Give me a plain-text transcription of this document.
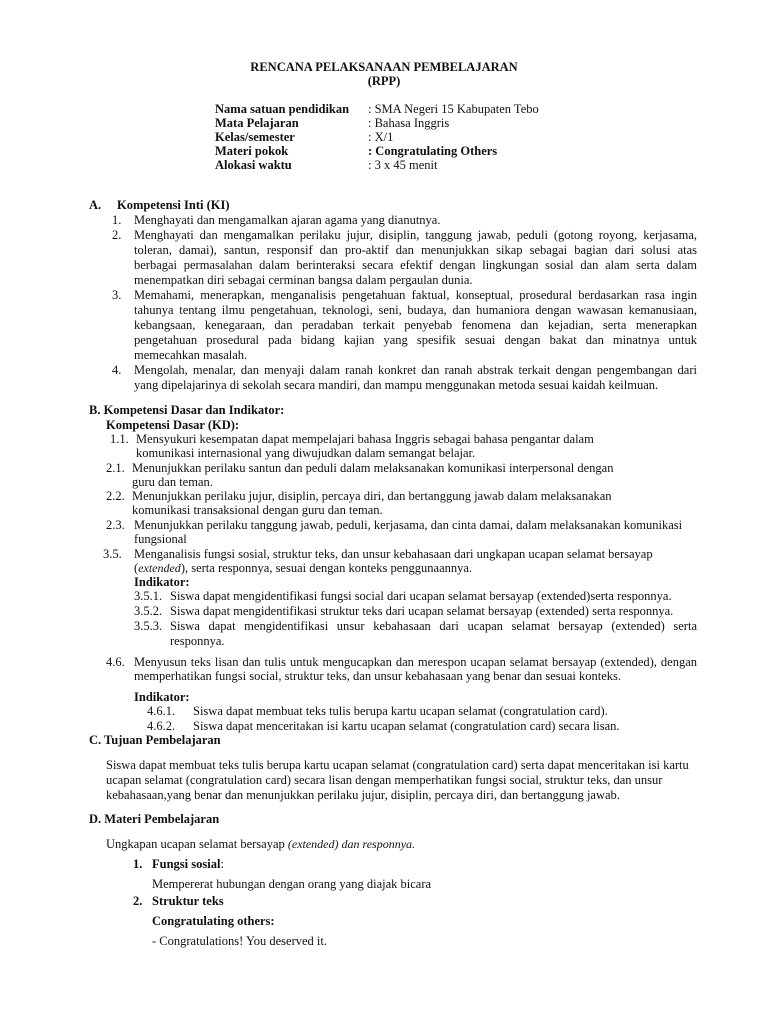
RENCANA PELAKSANAAN PEMBELAJARAN
(RPP)
Nama satuan pendidikan : SMA Negeri 15 Kabupaten Tebo
Mata Pelajaran	: Bahasa Inggris
Kelas/semester	: X/1
Materi pokok	: Congratulating Others
Alokasi waktu	: 3 x 45 menit
A. Kompetensi Inti (KI)
1. Menghayati dan mengamalkan ajaran agama yang dianutnya.
2. Menghayati dan mengamalkan perilaku jujur, disiplin, tanggung jawab, peduli (gotong royong, kerjasama,
toleran, damai), santun, responsif dan pro-aktif dan menunjukkan sikap sebagai bagian dari solusi atas
berbagai permasalahan dalam berinteraksi secara efektif dengan lingkungan sosial dan alam serta dalam
menempatkan diri sebagai cerminan bangsa dalam pergaulan dunia.
3. Memahami, menerapkan, menganalisis pengetahuan faktual, konseptual, prosedural berdasarkan rasa ingin
tahunya tentang ilmu pengetahuan, teknologi, seni, budaya, dan humaniora dengan wawasan kemanusiaan,
kebangsaan, kenegaraan, dan peradaban terkait penyebab fenomena dan kejadian, serta menerapkan
pengetahuan prosedural pada bidang kajian yang spesifik sesuai dengan bakat dan minatnya untuk
memecahkan masalah.
4. Mengolah, menalar, dan menyaji dalam ranah konkret dan ranah abstrak terkait dengan pengembangan dari
yang dipelajarinya di sekolah secara mandiri, dan mampu menggunakan metoda sesuai kaidah keilmuan.
B. Kompetensi Dasar dan Indikator:
Kompetensi Dasar (KD):
1.1. Mensyukuri kesempatan dapat mempelajari bahasa Inggris sebagai bahasa pengantar dalam
komunikasi internasional yang diwujudkan dalam semangat belajar.
2.1. Menunjukkan perilaku santun dan peduli dalam melaksanakan komunikasi interpersonal dengan
guru dan teman.
2.2. Menunjukkan perilaku jujur, disiplin, percaya diri, dan bertanggung jawab dalam melaksanakan
komunikasi transaksional dengan guru dan teman.
2.3. Menunjukkan perilaku tanggung jawab, peduli, kerjasama, dan cinta damai, dalam melaksanakan komunikasi
fungsional
3.5. Menganalisis fungsi sosial, struktur teks, dan unsur kebahasaan dari ungkapan ucapan selamat bersayap
(extended), serta responnya, sesuai dengan konteks penggunaannya.
Indikator:
3.5.1. Siswa dapat mengidentifikasi fungsi social dari ucapan selamat bersayap (extended)serta responnya.
3.5.2. Siswa dapat mengidentifikasi struktur teks dari ucapan selamat bersayap (extended) serta responnya.
3.5.3. Siswa dapat mengidentifikasi unsur kebahasaan dari ucapan selamat bersayap (extended) serta
responnya.
4.6. Menyusun teks lisan dan tulis untuk mengucapkan dan merespon ucapan selamat bersayap (extended), dengan
memperhatikan fungsi social, struktur teks, dan unsur kebahasaan yang benar dan sesuai konteks.
Indikator:
4.6.1. Siswa dapat membuat teks tulis berupa kartu ucapan selamat (congratulation card).
4.6.2. Siswa dapat menceritakan isi kartu ucapan selamat (congratulation card) secara lisan.
C. Tujuan Pembelajaran
Siswa dapat membuat teks tulis berupa kartu ucapan selamat (congratulation card) serta dapat menceritakan isi kartu
ucapan selamat (congratulation card) secara lisan dengan memperhatikan fungsi social, struktur teks, dan unsur
kebahasaan,yang benar dan menunjukkan perilaku jujur, disiplin, percaya diri, dan bertanggung jawab.
D. Materi Pembelajaran
Ungkapan ucapan selamat bersayap (extended) dan responnya.
1. Fungsi sosial:
Mempererat hubungan dengan orang yang diajak bicara
2. Struktur teks
Congratulating others:
- Congratulations! You deserved it.
